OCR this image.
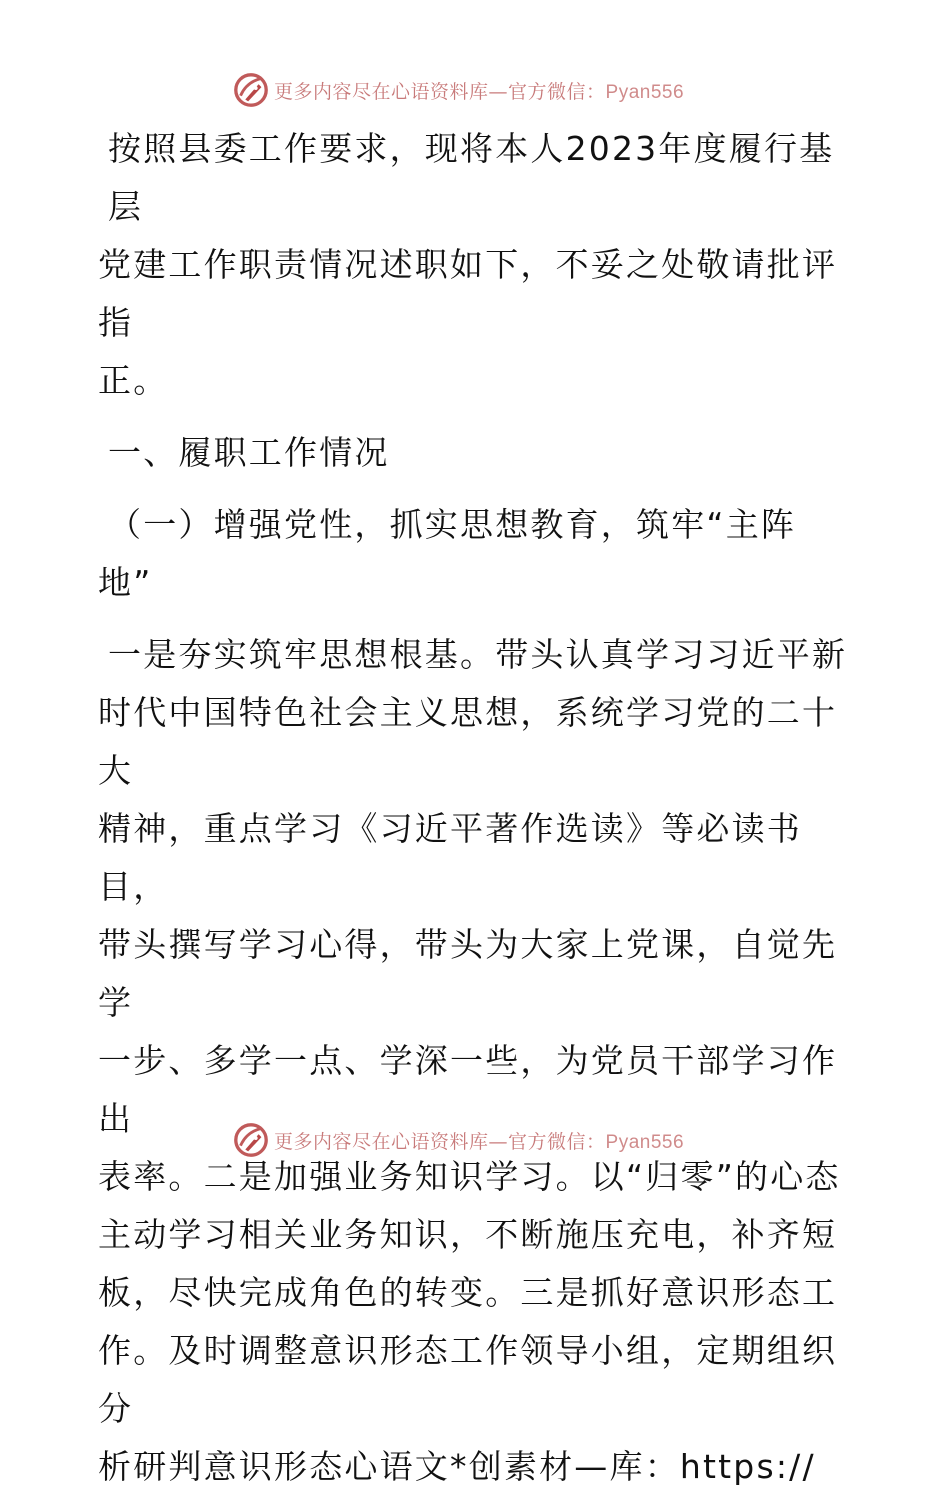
更多内容尽在心语资料库—官方微信：Pyan556

按照县委工作要求，现将本人2023年度履行基层

党建工作职责情况述职如下，不妥之处敬请批评指

正。

一、履职工作情况

（一）增强党性，抓实思想教育，筑牢“主阵

地”

一是夯实筑牢思想根基。带头认真学习习近平新

时代中国特色社会主义思想，系统学习党的二十大

精神，重点学习《习近平著作选读》等必读书目，

带头撰写学习心得，带头为大家上党课，自觉先学

一步、多学一点、学深一些，为党员干部学习作出

表率。二是加强业务知识学习。以“归零”的心态

主动学习相关业务知识，不断施压充电，补齐短

板，尽快完成角色的转变。三是抓好意识形态工

作。及时调整意识形态工作领导小组，定期组织分

析研判意识形态心语文*创素材—库：https://

更多内容尽在心语资料库—官方微信：Pyan556
